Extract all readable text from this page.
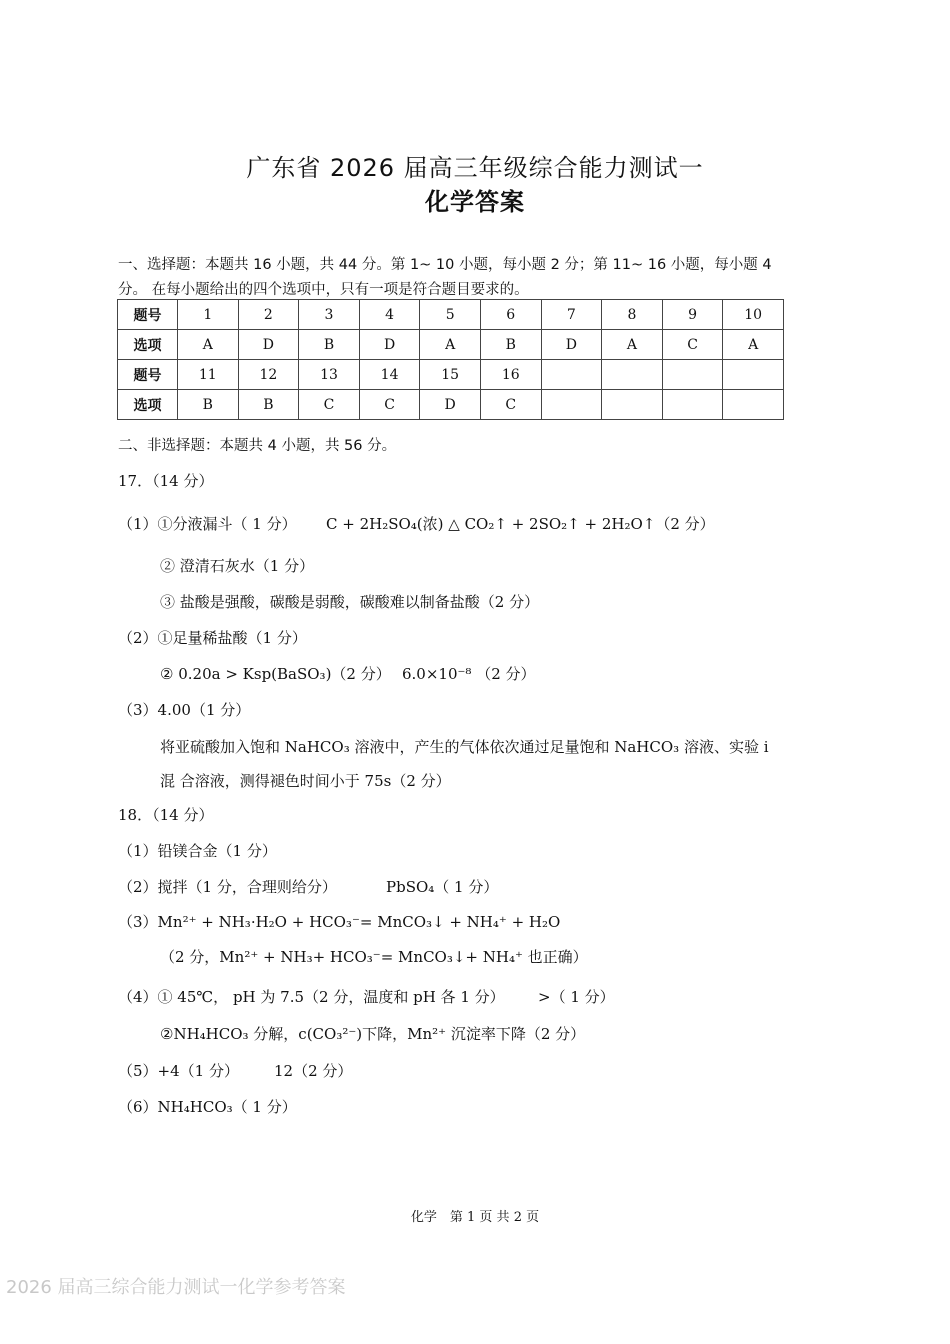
广东省 2026 届高三年级综合能力测试一
化学答案
一、选择题：本题共 16 小题，共 44 分。第 1~ 10 小题，每小题 2 分；第 11~ 16 小题，每小题 4
分。 在每小题给出的四个选项中，只有一项是符合题目要求的。
题号	1	2	3	4	5	6	7	8	9	10
选项	A	D	B	D	A	B	D	A	C	A
题号	11	12	13	14	15	16				
选项	B	B	C	C	D	C				
二、非选择题：本题共 4 小题，共 56 分。
17．（14 分）
（1）①分液漏斗（ 1 分） C + 2H₂SO₄(浓) △ CO₂↑ + 2SO₂↑ + 2H₂O↑（2 分）
② 澄清石灰水（1 分）
③ 盐酸是强酸，碳酸是弱酸，碳酸难以制备盐酸（2 分）
（2）①足量稀盐酸（1 分）
② 0.20a > Ksp(BaSO₃)（2 分） 6.0×10⁻⁸ （2 分）
（3）4.00（1 分）
将亚硫酸加入饱和 NaHCO₃ 溶液中，产生的气体依次通过足量饱和 NaHCO₃ 溶液、实验 i
混 合溶液，测得褪色时间小于 75s（2 分）
18．（14 分）
（1）铅镁合金（1 分）
（2）搅拌（1 分，合理则给分）	PbSO₄（ 1 分）
（3）Mn²⁺ + NH₃·H₂O + HCO₃⁻= MnCO₃↓ + NH₄⁺ + H₂O
（2 分，Mn²⁺ + NH₃+ HCO₃⁻= MnCO₃↓+ NH₄⁺ 也正确）
（4）① 45℃， pH 为 7.5（2 分，温度和 pH 各 1 分） >（ 1 分）
②NH₄HCO₃ 分解，c(CO₃²⁻)下降，Mn²⁺ 沉淀率下降（2 分）
（5）+4（1 分） 12（2 分）
（6）NH₄HCO₃（ 1 分）
化学　第 1 页 共 2 页
2026 届高三综合能力测试一化学参考答案
